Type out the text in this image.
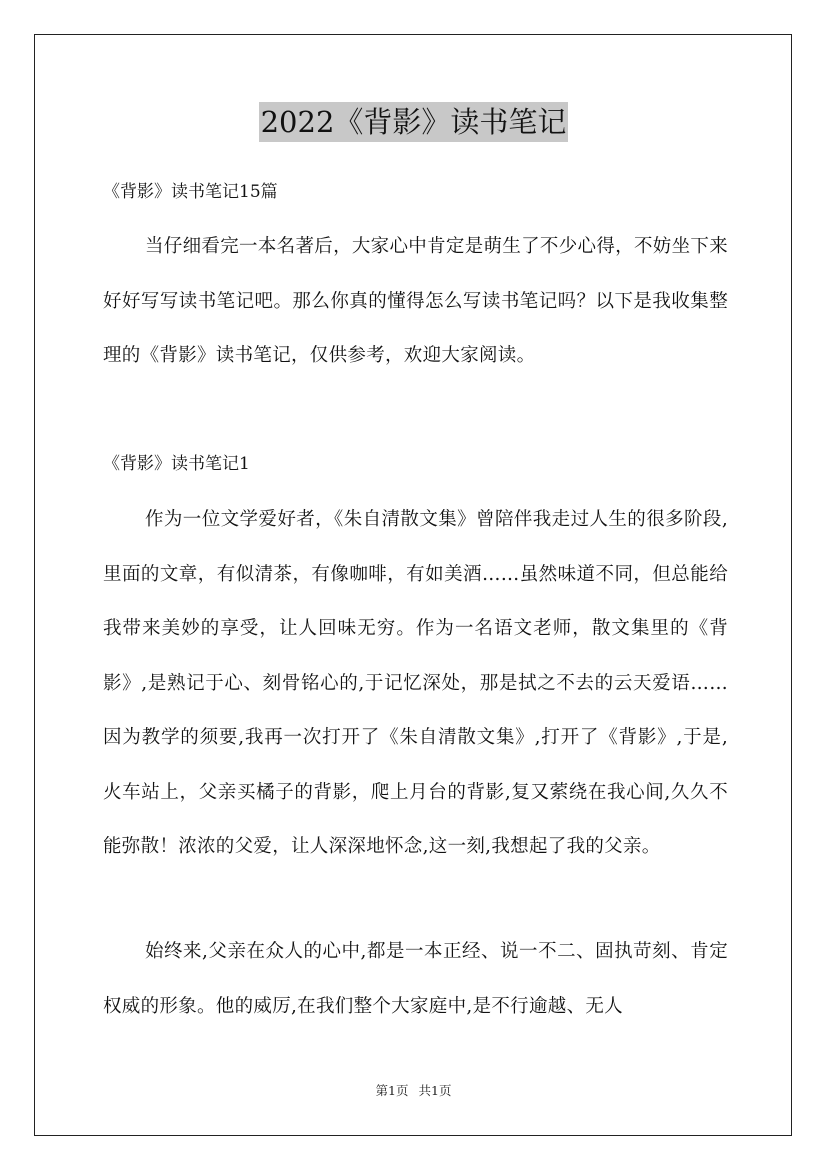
2022《背影》读书笔记

《背影》读书笔记15篇

当仔细看完一本名著后，大家心中肯定是萌生了不少心得，不妨坐下来好好写写读书笔记吧。那么你真的懂得怎么写读书笔记吗？以下是我收集整理的《背影》读书笔记，仅供参考，欢迎大家阅读。

《背影》读书笔记1

作为一位文学爱好者，《朱自清散文集》曾陪伴我走过人生的很多阶段,里面的文章，有似清茶，有像咖啡，有如美酒……虽然味道不同，但总能给我带来美妙的享受，让人回味无穷。作为一名语文老师，散文集里的《背影》,是熟记于心、刻骨铭心的,于记忆深处，那是拭之不去的云天爱语……因为教学的须要,我再一次打开了《朱自清散文集》,打开了《背影》,于是,火车站上，父亲买橘子的背影，爬上月台的背影,复又萦绕在我心间,久久不能弥散！浓浓的父爱，让人深深地怀念,这一刻,我想起了我的父亲。

始终来,父亲在众人的心中,都是一本正经、说一不二、固执苛刻、肯定权威的形象。他的威厉,在我们整个大家庭中,是不行逾越、无人

第1页 共1页
